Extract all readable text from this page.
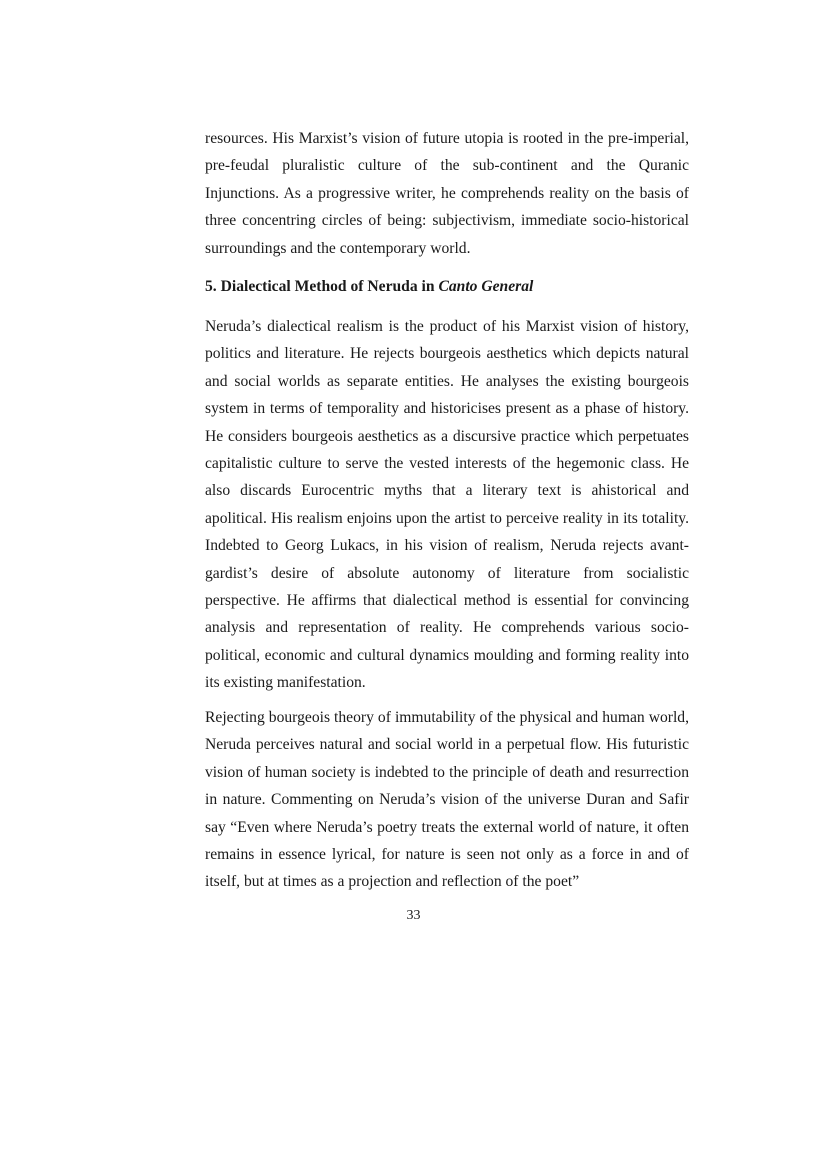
resources. His Marxist’s vision of future utopia is rooted in the pre-imperial, pre-feudal pluralistic culture of the sub-continent and the Quranic Injunctions. As a progressive writer, he comprehends reality on the basis of three concentring circles of being: subjectivism, immediate socio-historical surroundings and the contemporary world.

5. Dialectical Method of Neruda in Canto General

Neruda’s dialectical realism is the product of his Marxist vision of history, politics and literature. He rejects bourgeois aesthetics which depicts natural and social worlds as separate entities. He analyses the existing bourgeois system in terms of temporality and historicises present as a phase of history. He considers bourgeois aesthetics as a discursive practice which perpetuates capitalistic culture to serve the vested interests of the hegemonic class. He also discards Eurocentric myths that a literary text is ahistorical and apolitical. His realism enjoins upon the artist to perceive reality in its totality. Indebted to Georg Lukacs, in his vision of realism, Neruda rejects avant-gardist’s desire of absolute autonomy of literature from socialistic perspective. He affirms that dialectical method is essential for convincing analysis and representation of reality. He comprehends various socio-political, economic and cultural dynamics moulding and forming reality into its existing manifestation.

Rejecting bourgeois theory of immutability of the physical and human world, Neruda perceives natural and social world in a perpetual flow. His futuristic vision of human society is indebted to the principle of death and resurrection in nature. Commenting on Neruda’s vision of the universe Duran and Safir say “Even where Neruda’s poetry treats the external world of nature, it often remains in essence lyrical, for nature is seen not only as a force in and of itself, but at times as a projection and reflection of the poet”

33
